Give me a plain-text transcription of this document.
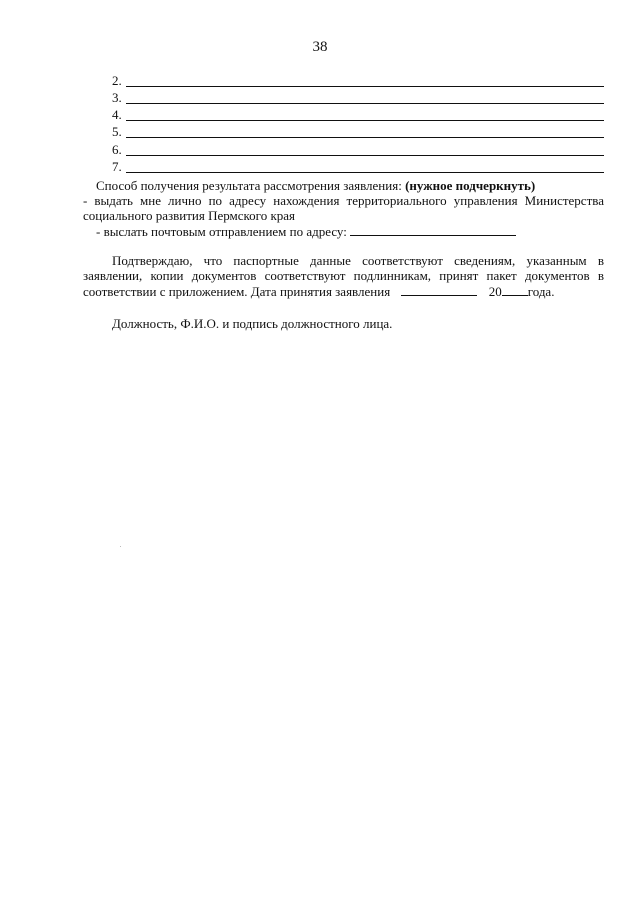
38
2.
3.
4.
5.
6.
7.
Способ получения результата рассмотрения заявления: (нужное подчеркнуть)
- выдать мне лично по адресу нахождения территориального управления Министерства
социального развития Пермского края
- выслать почтовым отправлением по адресу:
Подтверждаю, что паспортные данные соответствуют сведениям, указанным в
заявлении, копии документов соответствуют подлинникам, принят пакет документов в
соответствии с приложением. Дата принятия заявления	20 года.
Должность, Ф.И.О. и подпись должностного лица.
